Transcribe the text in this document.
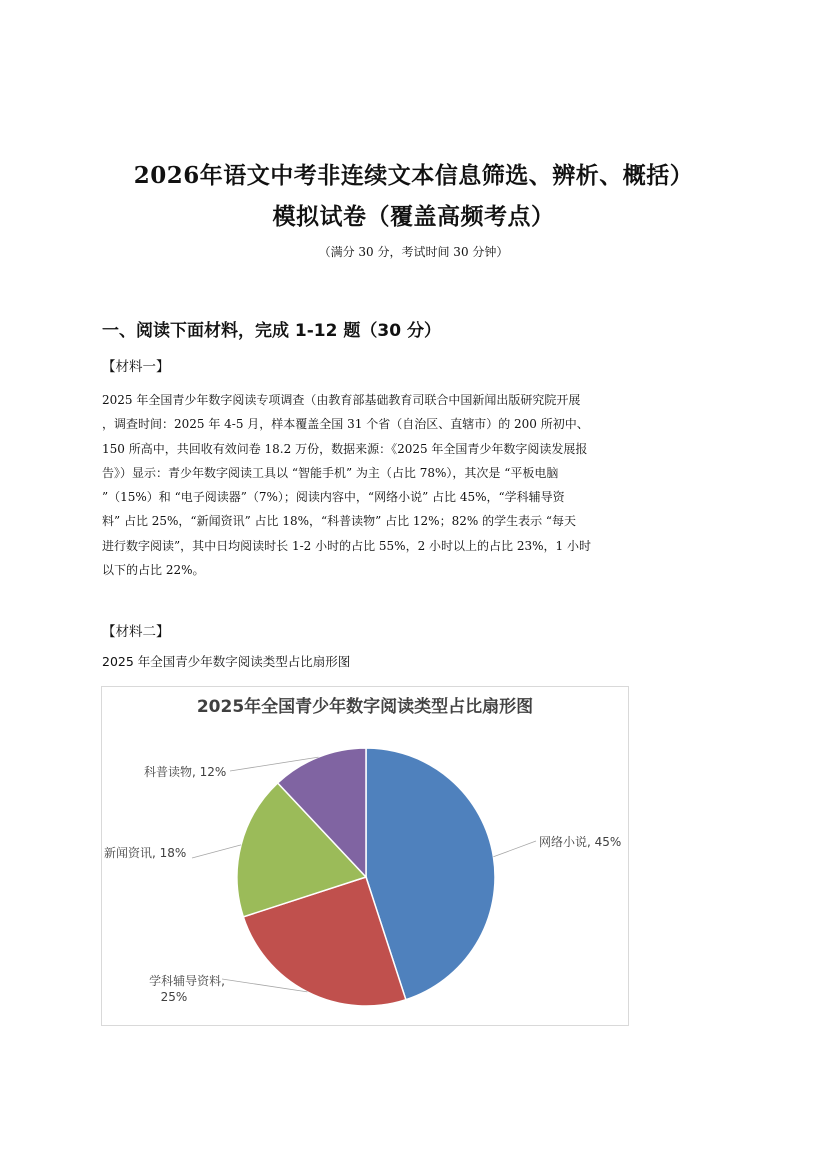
2026年语文中考非连续文本信息筛选、辨析、概括）
模拟试卷（覆盖高频考点）
（满分 30 分，考试时间 30 分钟）
一、阅读下面材料，完成 1-12 题（30 分）
【材料一】
2025 年全国青少年数字阅读专项调查（由教育部基础教育司联合中国新闻出版研究院开展
，调查时间：2025 年 4-5 月，样本覆盖全国 31 个省（自治区、直辖市）的 200 所初中、
150 所高中，共回收有效问卷 18.2 万份，数据来源：《2025 年全国青少年数字阅读发展报
告》）显示：青少年数字阅读工具以 “智能手机” 为主（占比 78%），其次是 “平板电脑
”（15%）和 “电子阅读器”（7%）；阅读内容中，“网络小说” 占比 45%，“学科辅导资
料” 占比 25%，“新闻资讯” 占比 18%，“科普读物” 占比 12%；82% 的学生表示 “每天
进行数字阅读”，其中日均阅读时长 1-2 小时的占比 55%，2 小时以上的占比 23%，1 小时
以下的占比 22%。
【材料二】
2025 年全国青少年数字阅读类型占比扇形图
2025年全国青少年数字阅读类型占比扇形图
网络小说, 45%
学科辅导资料, 25%
新闻资讯, 18%
科普读物, 12%
